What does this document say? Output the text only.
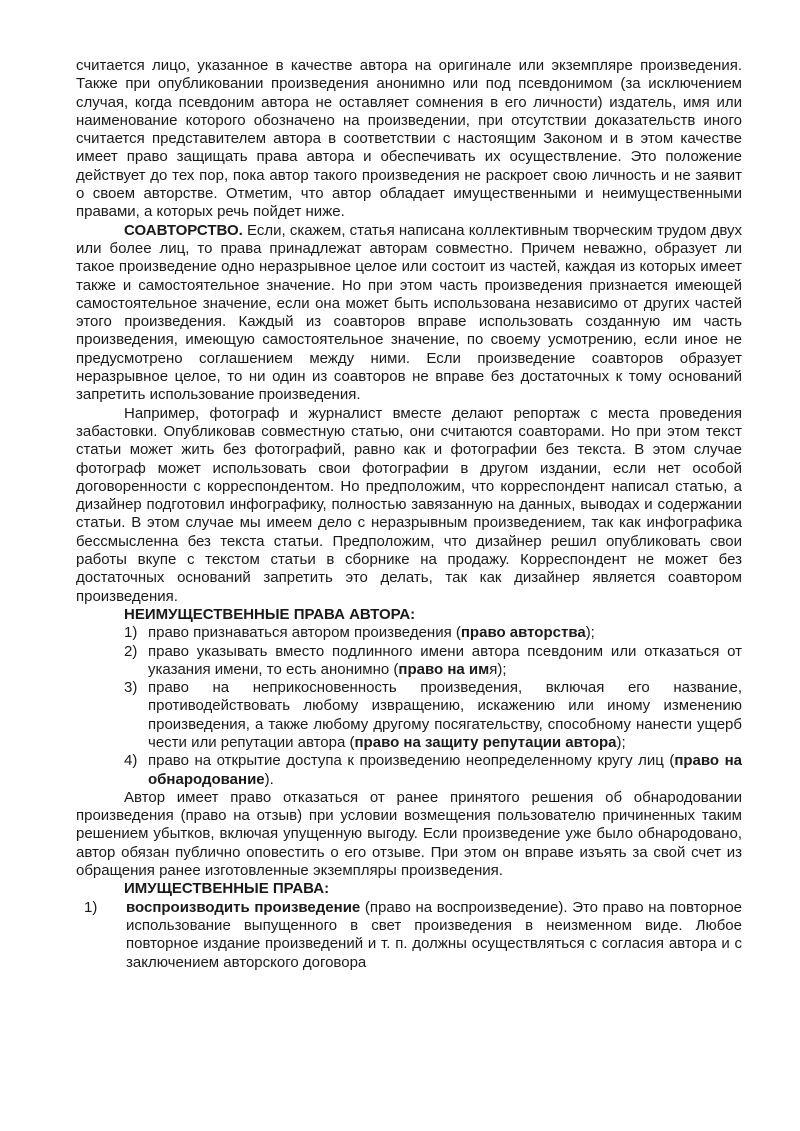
считается лицо, указанное в качестве автора на оригинале или экземпляре произведения. Также при опубликовании произведения анонимно или под псевдонимом (за исключением случая, когда псевдоним автора не оставляет сомнения в его личности) издатель, имя или наименование которого обозначено на произведении, при отсутствии доказательств иного считается представителем автора в соответствии с настоящим Законом и в этом качестве имеет право защищать права автора и обеспечивать их осуществление. Это положение действует до тех пор, пока автор такого произведения не раскроет свою личность и не заявит о своем авторстве. Отметим, что автор обладает имущественными и неимущественными правами, а которых речь пойдет ниже.

СОАВТОРСТВО. Если, скажем, статья написана коллективным творческим трудом двух или более лиц, то права принадлежат авторам совместно. Причем неважно, образует ли такое произведение одно неразрывное целое или состоит из частей, каждая из которых имеет также и самостоятельное значение. Но при этом часть произведения признается имеющей самостоятельное значение, если она может быть использована независимо от других частей этого произведения. Каждый из соавторов вправе использовать созданную им часть произведения, имеющую самостоятельное значение, по своему усмотрению, если иное не предусмотрено соглашением между ними. Если произведение соавторов образует неразрывное целое, то ни один из соавторов не вправе без достаточных к тому оснований запретить использование произведения.

Например, фотограф и журналист вместе делают репортаж с места проведения забастовки. Опубликовав совместную статью, они считаются соавторами. Но при этом текст статьи может жить без фотографий, равно как и фотографии без текста. В этом случае фотограф может использовать свои фотографии в другом издании, если нет особой договоренности с корреспондентом. Но предположим, что корреспондент написал статью, а дизайнер подготовил инфографику, полностью завязанную на данных, выводах и содержании статьи. В этом случае мы имеем дело с неразрывным произведением, так как инфографика бессмысленна без текста статьи. Предположим, что дизайнер решил опубликовать свои работы вкупе с текстом статьи в сборнике на продажу. Корреспондент не может без достаточных оснований запретить это делать, так как дизайнер является соавтором произведения.

НЕИМУЩЕСТВЕННЫЕ ПРАВА АВТОРА:

1) право признаваться автором произведения (право авторства);
2) право указывать вместо подлинного имени автора псевдоним или отказаться от указания имени, то есть анонимно (право на имя);
3) право на неприкосновенность произведения, включая его название, противодействовать любому извращению, искажению или иному изменению произведения, а также любому другому посягательству, способному нанести ущерб чести или репутации автора (право на защиту репутации автора);
4) право на открытие доступа к произведению неопределенному кругу лиц (право на обнародование).

Автор имеет право отказаться от ранее принятого решения об обнародовании произведения (право на отзыв) при условии возмещения пользователю причиненных таким решением убытков, включая упущенную выгоду. Если произведение уже было обнародовано, автор обязан публично оповестить о его отзыве. При этом он вправе изъять за свой счет из обращения ранее изготовленные экземпляры произведения.

ИМУЩЕСТВЕННЫЕ ПРАВА:

1) воспроизводить произведение (право на воспроизведение). Это право на повторное использование выпущенного в свет произведения в неизменном виде. Любое повторное издание произведений и т. п. должны осуществляться с согласия автора и с заключением авторского договора
